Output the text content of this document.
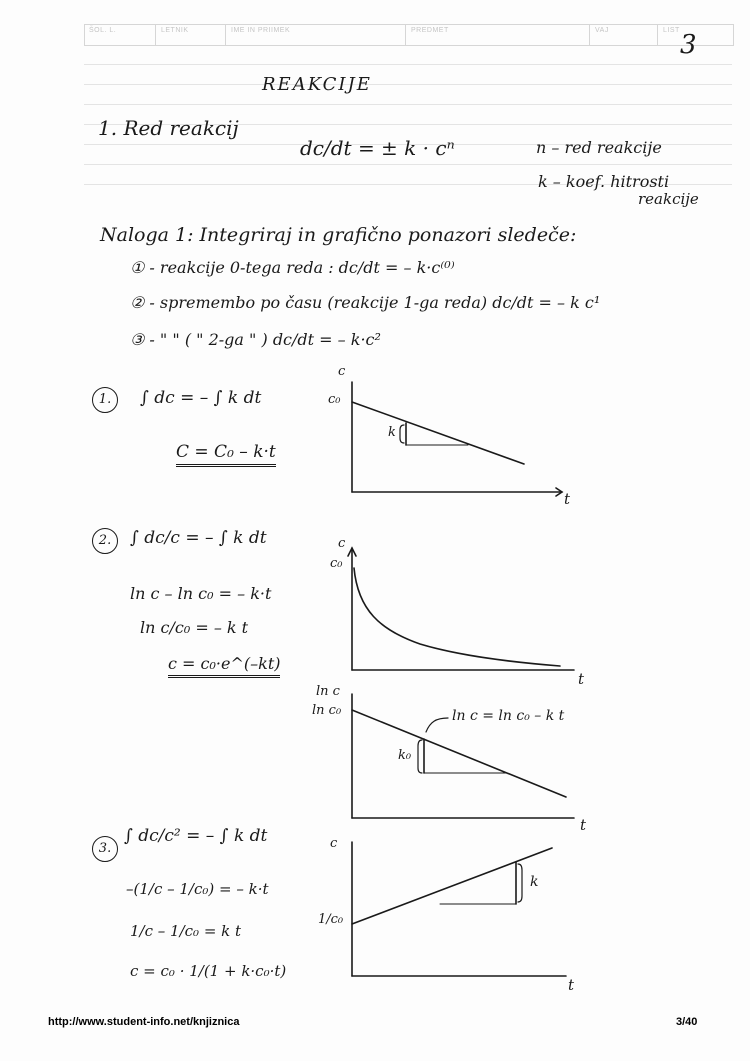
ŠOL. L.	LETNIK	IME IN PRIIMEK	PREDMET	VAJ	LIST 3
REAKCIJE
1. Red reakcij
dc/dt = ± k · cⁿ	n – red reakcije
k – koef. hitrosti
reakcije
Naloga 1: Integriraj in grafično ponazori sledeče:
① - reakcije 0-tega reda : dc/dt = – k·c⁽⁰⁾
② - spremembo po času (reakcije 1-ga reda) dc/dt = – k c¹
③ - " " ( " 2-ga " ) dc/dt = – k·c²
1.	∫ dc = – ∫ k dt
C = C₀ – k·t
2.	∫ dc/c = – ∫ k dt
ln c – ln c₀ = – k·t
ln c/c₀ = – k t
c = c₀·e^(–kt)
3.
∫ dc/c² = – ∫ k dt
–(1/c – 1/c₀) = – k·t
1/c – 1/c₀ = k t
c = c₀ · 1/(1 + k·c₀·t)
c
c₀
t
k
c
c₀
t
ln c
ln c₀
t
ln c = ln c₀ – k t
k₀
c
1/c₀
t
k
http://www.student-info.net/knjiznica	3/40
